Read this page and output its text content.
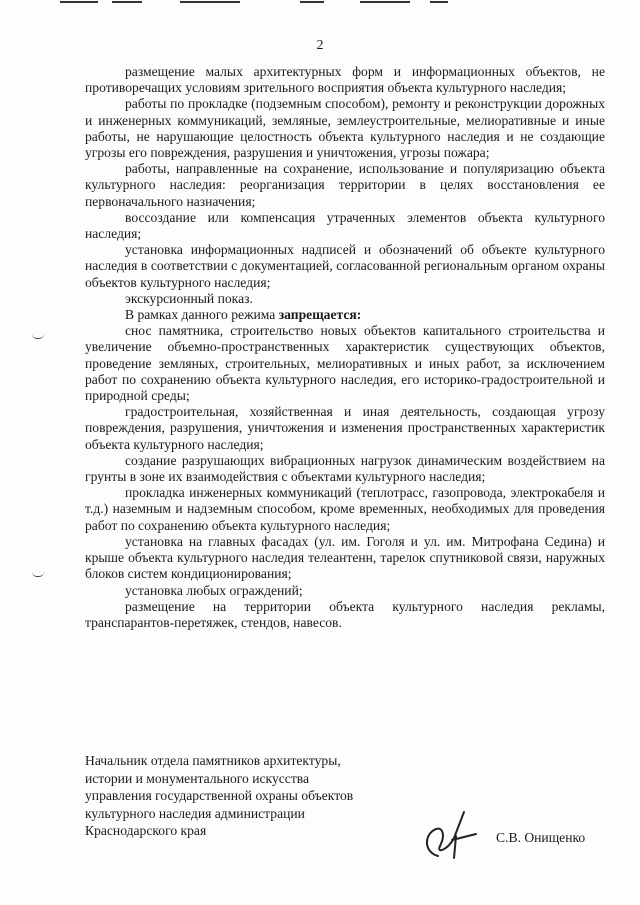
2

размещение малых архитектурных форм и информационных объектов, не противоречащих условиям зрительного восприятия объекта культурного наследия;

работы по прокладке (подземным способом), ремонту и реконструкции дорожных и инженерных коммуникаций, земляные, землеустроительные, мелиоративные и иные работы, не нарушающие целостность объекта культурного наследия и не создающие угрозы его повреждения, разрушения и уничтожения, угрозы пожара;

работы, направленные на сохранение, использование и популяризацию объекта культурного наследия: реорганизация территории в целях восстановления ее первоначального назначения;

воссоздание или компенсация утраченных элементов объекта культурного наследия;

установка информационных надписей и обозначений об объекте культурного наследия в соответствии с документацией, согласованной региональным органом охраны объектов культурного наследия;

экскурсионный показ.

В рамках данного режима запрещается:

снос памятника, строительство новых объектов капитального строительства и увеличение объемно-пространственных характеристик существующих объектов, проведение земляных, строительных, мелиоративных и иных работ, за исключением работ по сохранению объекта культурного наследия, его историко-градостроительной и природной среды;

градостроительная, хозяйственная и иная деятельность, создающая угрозу повреждения, разрушения, уничтожения и изменения пространственных характеристик объекта культурного наследия;

создание разрушающих вибрационных нагрузок динамическим воздействием на грунты в зоне их взаимодействия с объектами культурного наследия;

прокладка инженерных коммуникаций (теплотрасс, газопровода, электрокабеля и т.д.) наземным и надземным способом, кроме временных, необходимых для проведения работ по сохранению объекта культурного наследия;

установка на главных фасадах (ул. им. Гоголя и ул. им. Митрофана Седина) и крыше объекта культурного наследия телеантенн, тарелок спутниковой связи, наружных блоков систем кондиционирования;

установка любых ограждений;

размещение на территории объекта культурного наследия рекламы, транспарантов-перетяжек, стендов, навесов.

Начальник отдела памятников архитектуры,
истории и монументального искусства
управления государственной охраны объектов
культурного наследия администрации
Краснодарского края	С.В. Онищенко
